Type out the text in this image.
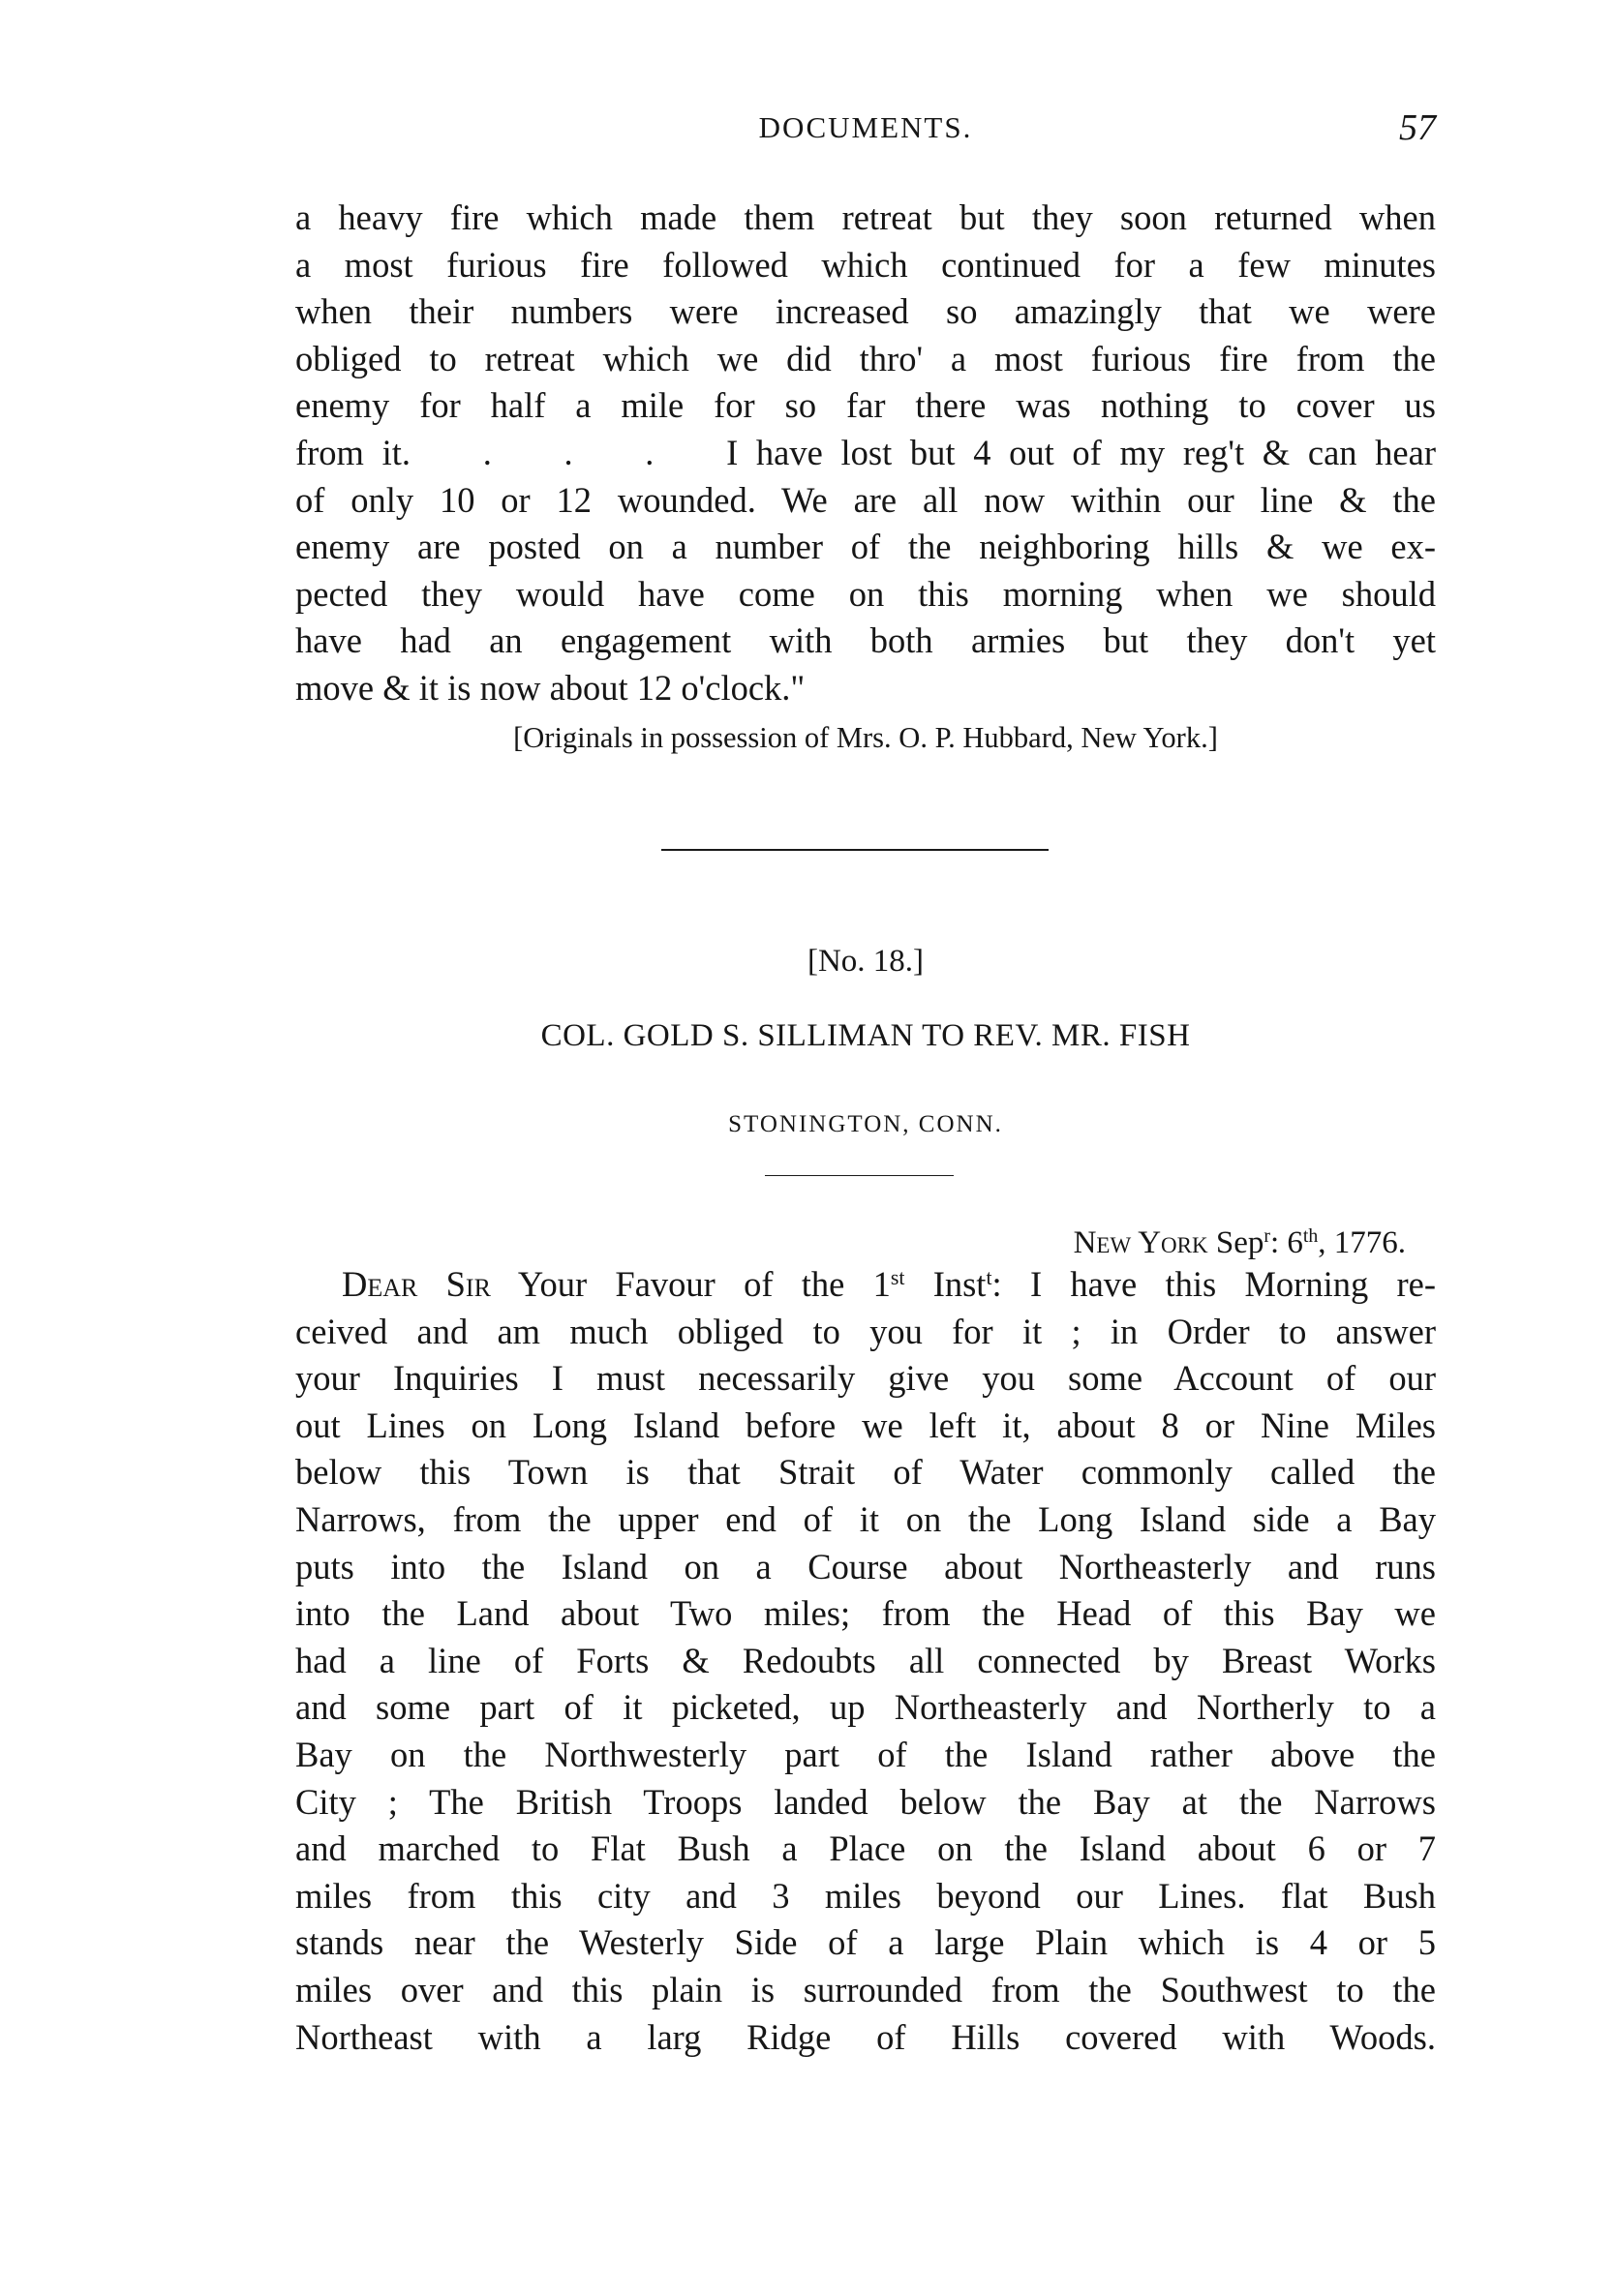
DOCUMENTS.	57
a heavy fire which made them retreat but they soon returned when
a most furious fire followed which continued for a few minutes
when their numbers were increased so amazingly that we were
obliged to retreat which we did thro' a most furious fire from the
enemy for half a mile for so far there was nothing to cover us
from it.    .    .    .    I have lost but 4 out of my reg't & can hear
of only 10 or 12 wounded. We are all now within our line & the
enemy are posted on a number of the neighboring hills & we ex-
pected they would have come on this morning when we should
have had an engagement with both armies but they don't yet
move & it is now about 12 o'clock."

[Originals in possession of Mrs. O. P. Hubbard, New York.]

[No. 18.]

COL. GOLD S. SILLIMAN TO REV. MR. FISH

STONINGTON, CONN.

New York Sep$^r$: 6th, 1776.

Dear Sir Your Favour of the 1st Inst$^t$: I have this Morning re-
ceived and am much obliged to you for it ; in Order to answer
your Inquiries I must necessarily give you some Account of our
out Lines on Long Island before we left it, about 8 or Nine Miles
below this Town is that Strait of Water commonly called the
Narrows, from the upper end of it on the Long Island side a Bay
puts into the Island on a Course about Northeasterly and runs
into the Land about Two miles; from the Head of this Bay we
had a line of Forts & Redoubts all connected by Breast Works
and some part of it picketed, up Northeasterly and Northerly to a
Bay on the Northwesterly part of the Island rather above the
City ; The British Troops landed below the Bay at the Narrows
and marched to Flat Bush a Place on the Island about 6 or 7
miles from this city and 3 miles beyond our Lines. flat Bush
stands near the Westerly Side of a large Plain which is 4 or 5
miles over and this plain is surrounded from the Southwest to the
Northeast with a larg Ridge of Hills covered with Woods.
